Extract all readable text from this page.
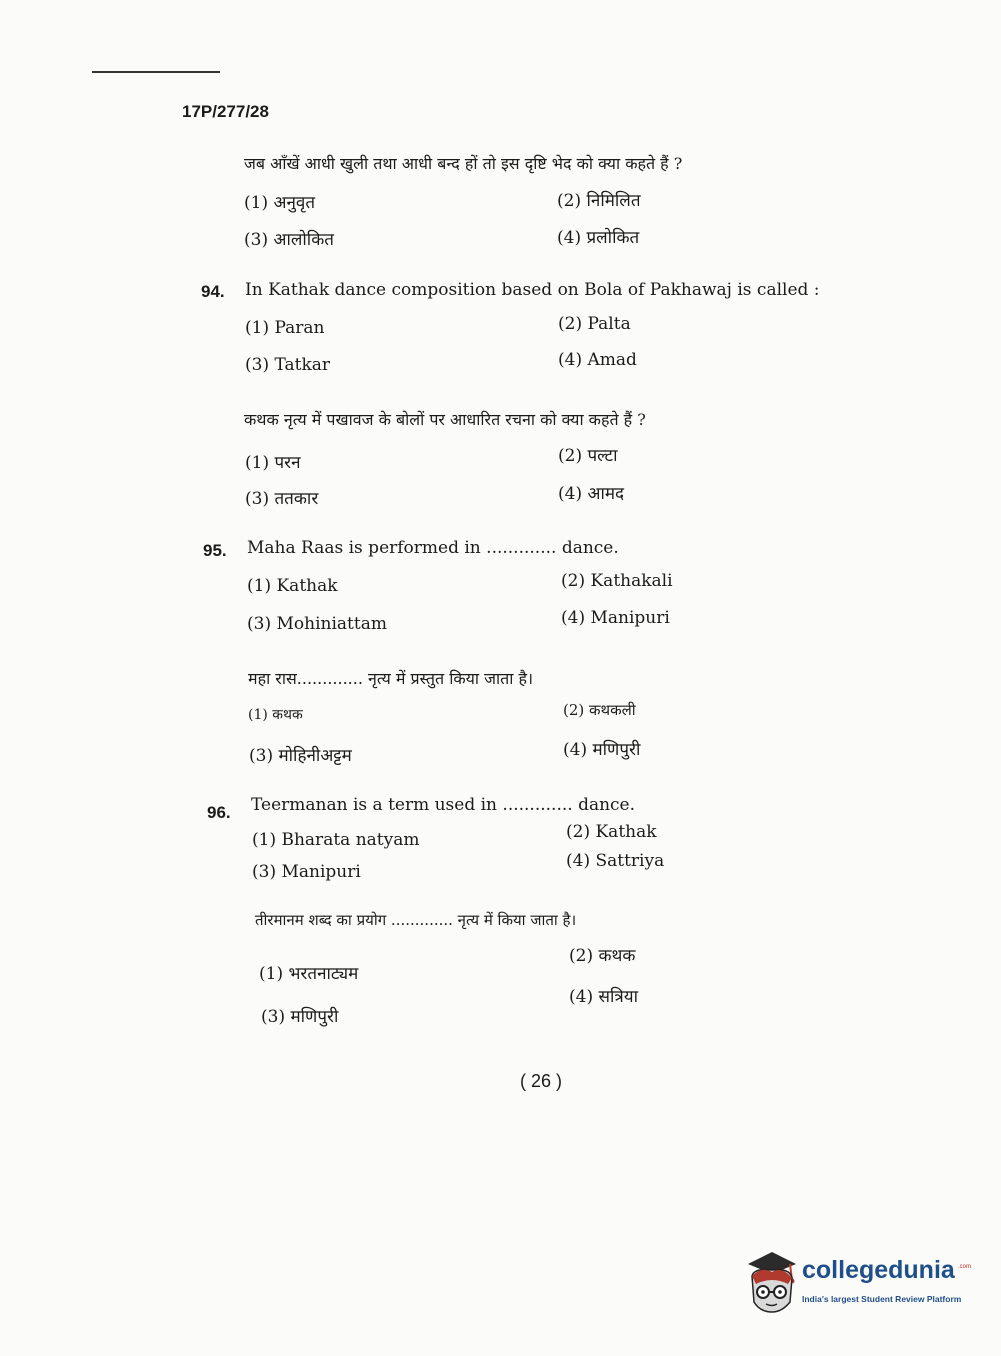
17P/277/28
जब आँखें आधी खुली तथा आधी बन्द हों तो इस दृष्टि भेद को क्या कहते हैं ?
(1) अनुवृत	(2) निमिलित
(3) आलोकित	(4) प्रलोकित
94. In Kathak dance composition based on Bola of Pakhawaj is called :
(1) Paran	(2) Palta
(3) Tatkar	(4) Amad
कथक नृत्य में पखावज के बोलों पर आधारित रचना को क्या कहते हैं ?
(1) परन	(2) पल्टा
(3) ततकार	(4) आमद
95. Maha Raas is performed in ............. dance.
(1) Kathak	(2) Kathakali
(3) Mohiniattam	(4) Manipuri
महा रास............. नृत्य में प्रस्तुत किया जाता है।
(1) कथक	(2) कथकली
(3) मोहिनीअट्टम	(4) मणिपुरी
96. Teermanan is a term used in ............. dance.
(1) Bharata natyam	(2) Kathak
(3) Manipuri
(4) Sattriya
तीरमानम शब्द का प्रयोग ............. नृत्य में किया जाता है।
(1) भरतनाट्यम
(2) कथक
(3) मणिपुरी
(4) सत्रिया
( 26 )
collegedunia .com
India's largest Student Review Platform
